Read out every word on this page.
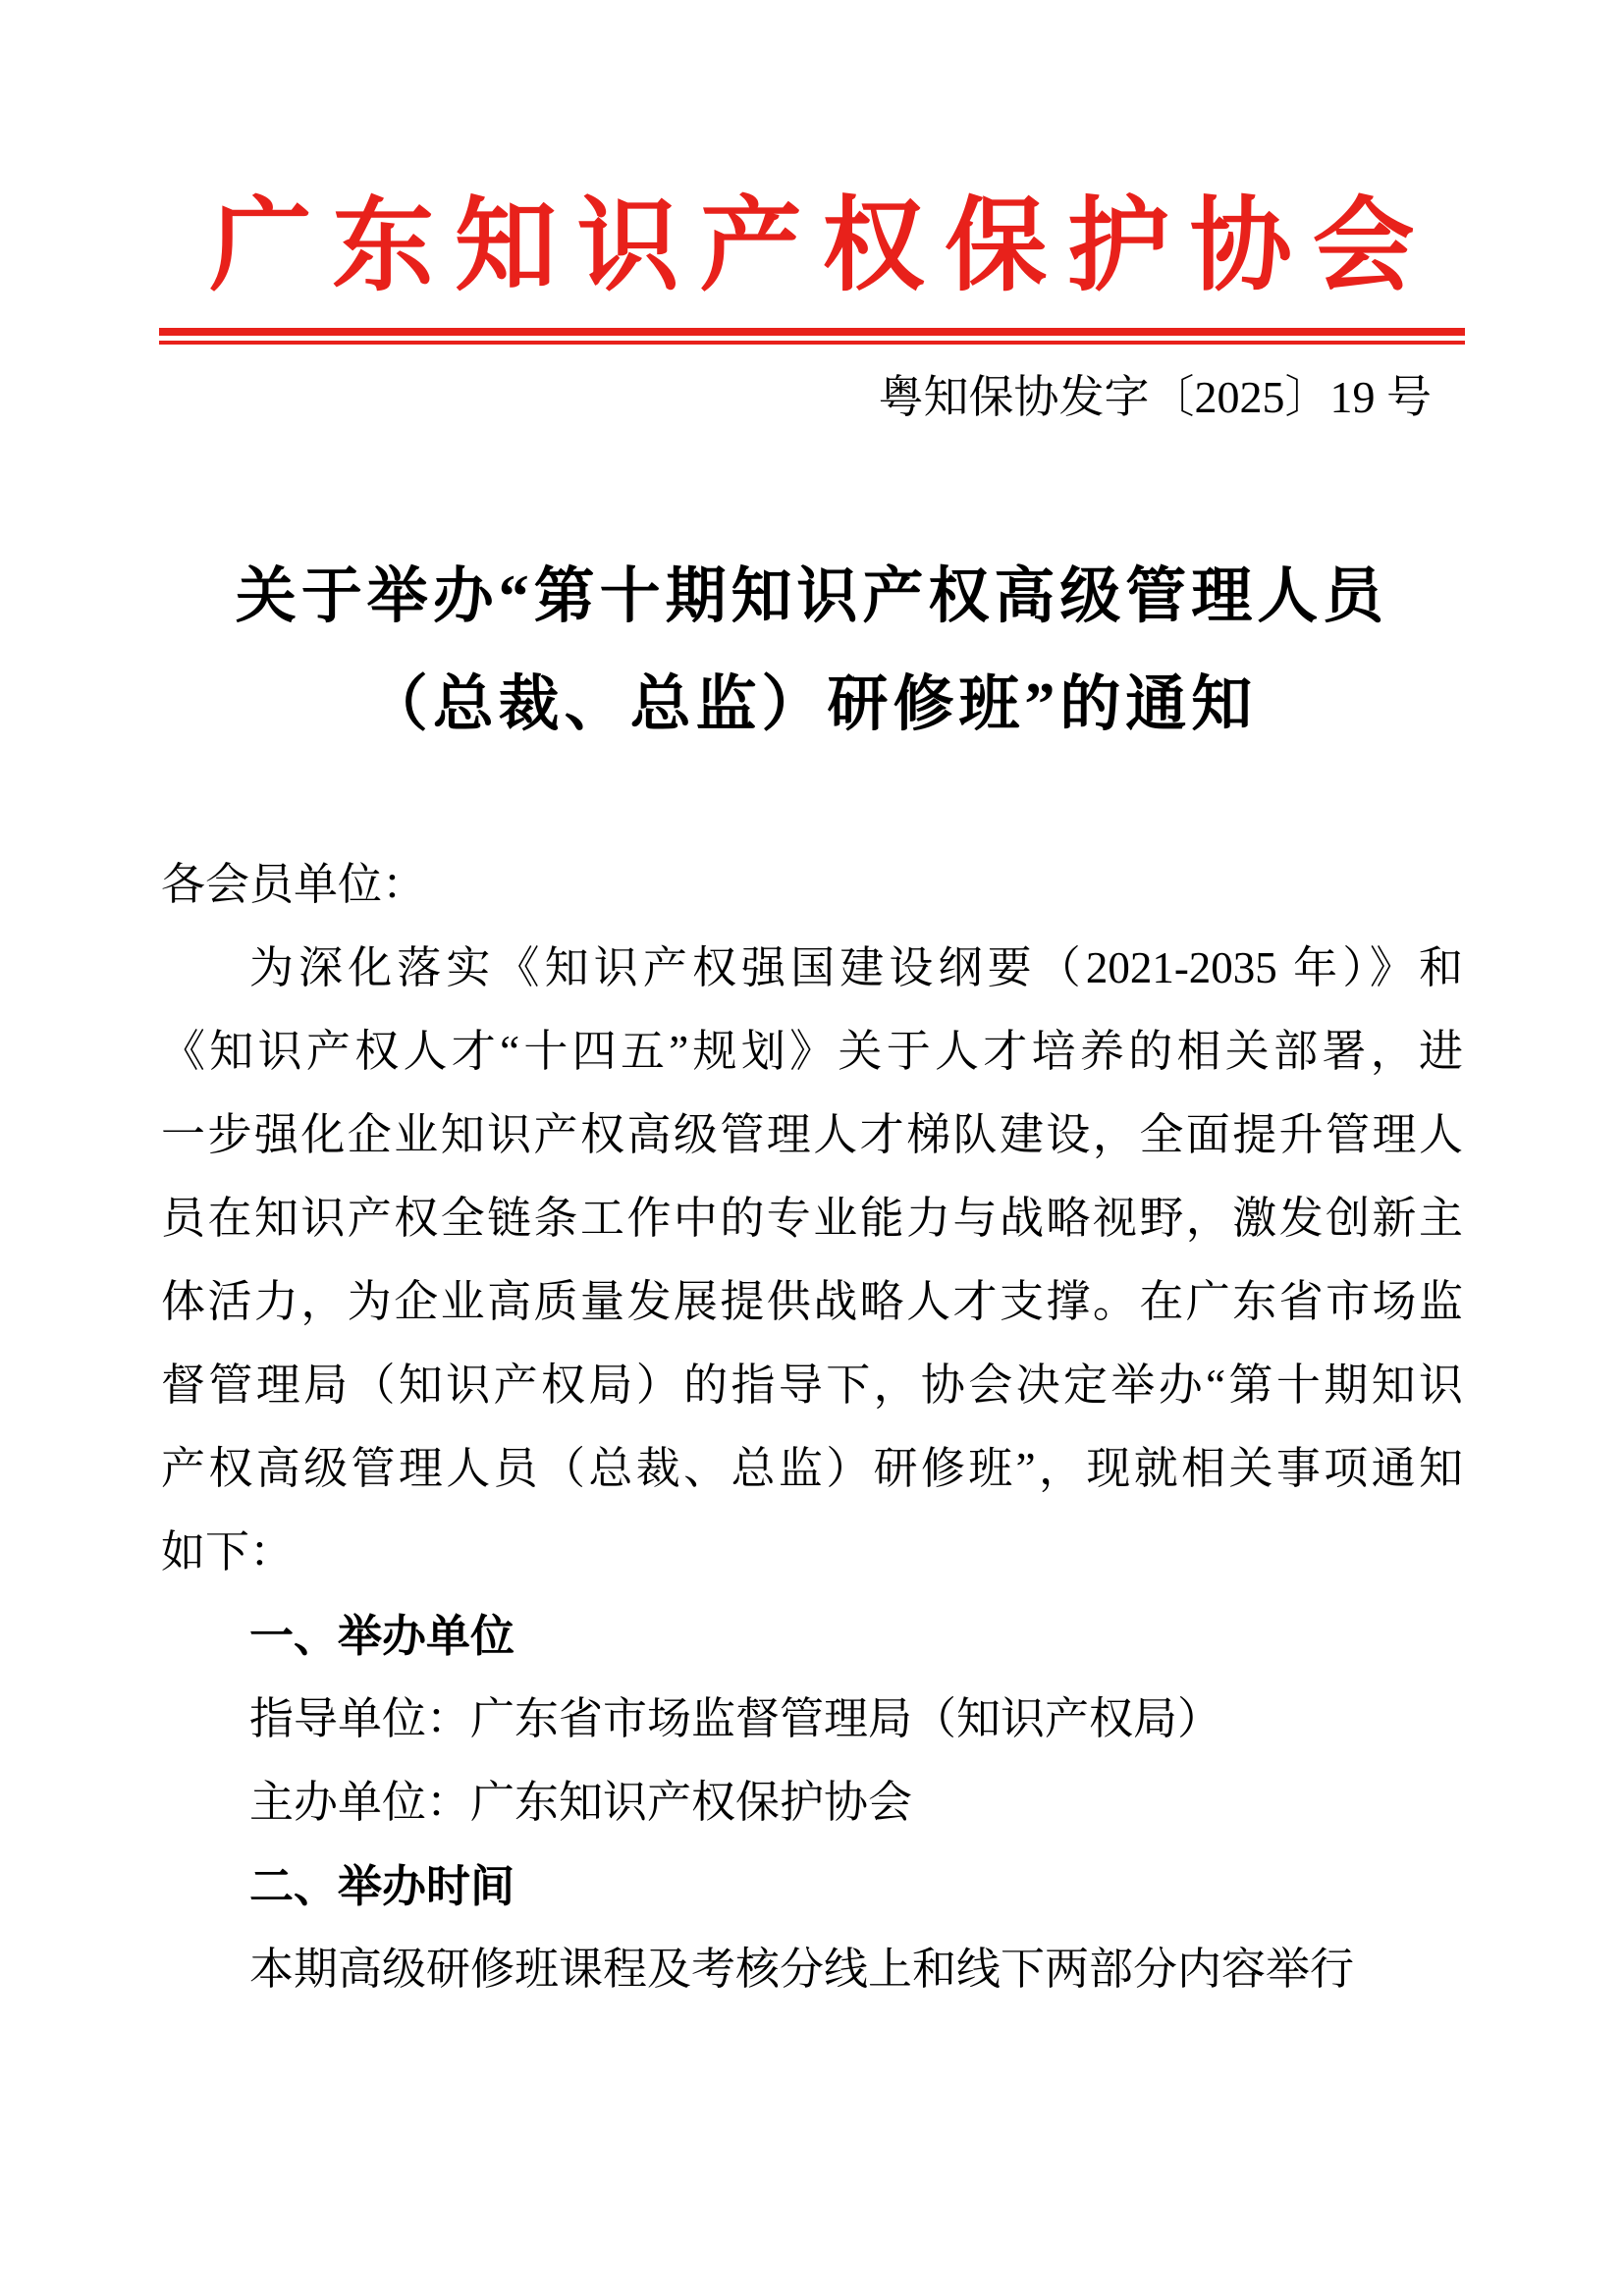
广东知识产权保护协会
粤知保协发字〔2025〕19 号
关于举办“第十期知识产权高级管理人员
（总裁、总监）研修班”的通知
各会员单位：
为深化落实《知识产权强国建设纲要（2021-2035 年）》和
《知识产权人才“十四五”规划》关于人才培养的相关部署，进
一步强化企业知识产权高级管理人才梯队建设，全面提升管理人
员在知识产权全链条工作中的专业能力与战略视野，激发创新主
体活力，为企业高质量发展提供战略人才支撑。在广东省市场监
督管理局（知识产权局）的指导下，协会决定举办“第十期知识
产权高级管理人员（总裁、总监）研修班”，现就相关事项通知
如下：
一、举办单位
指导单位：广东省市场监督管理局（知识产权局）
主办单位：广东知识产权保护协会
二、举办时间
本期高级研修班课程及考核分线上和线下两部分内容举行
